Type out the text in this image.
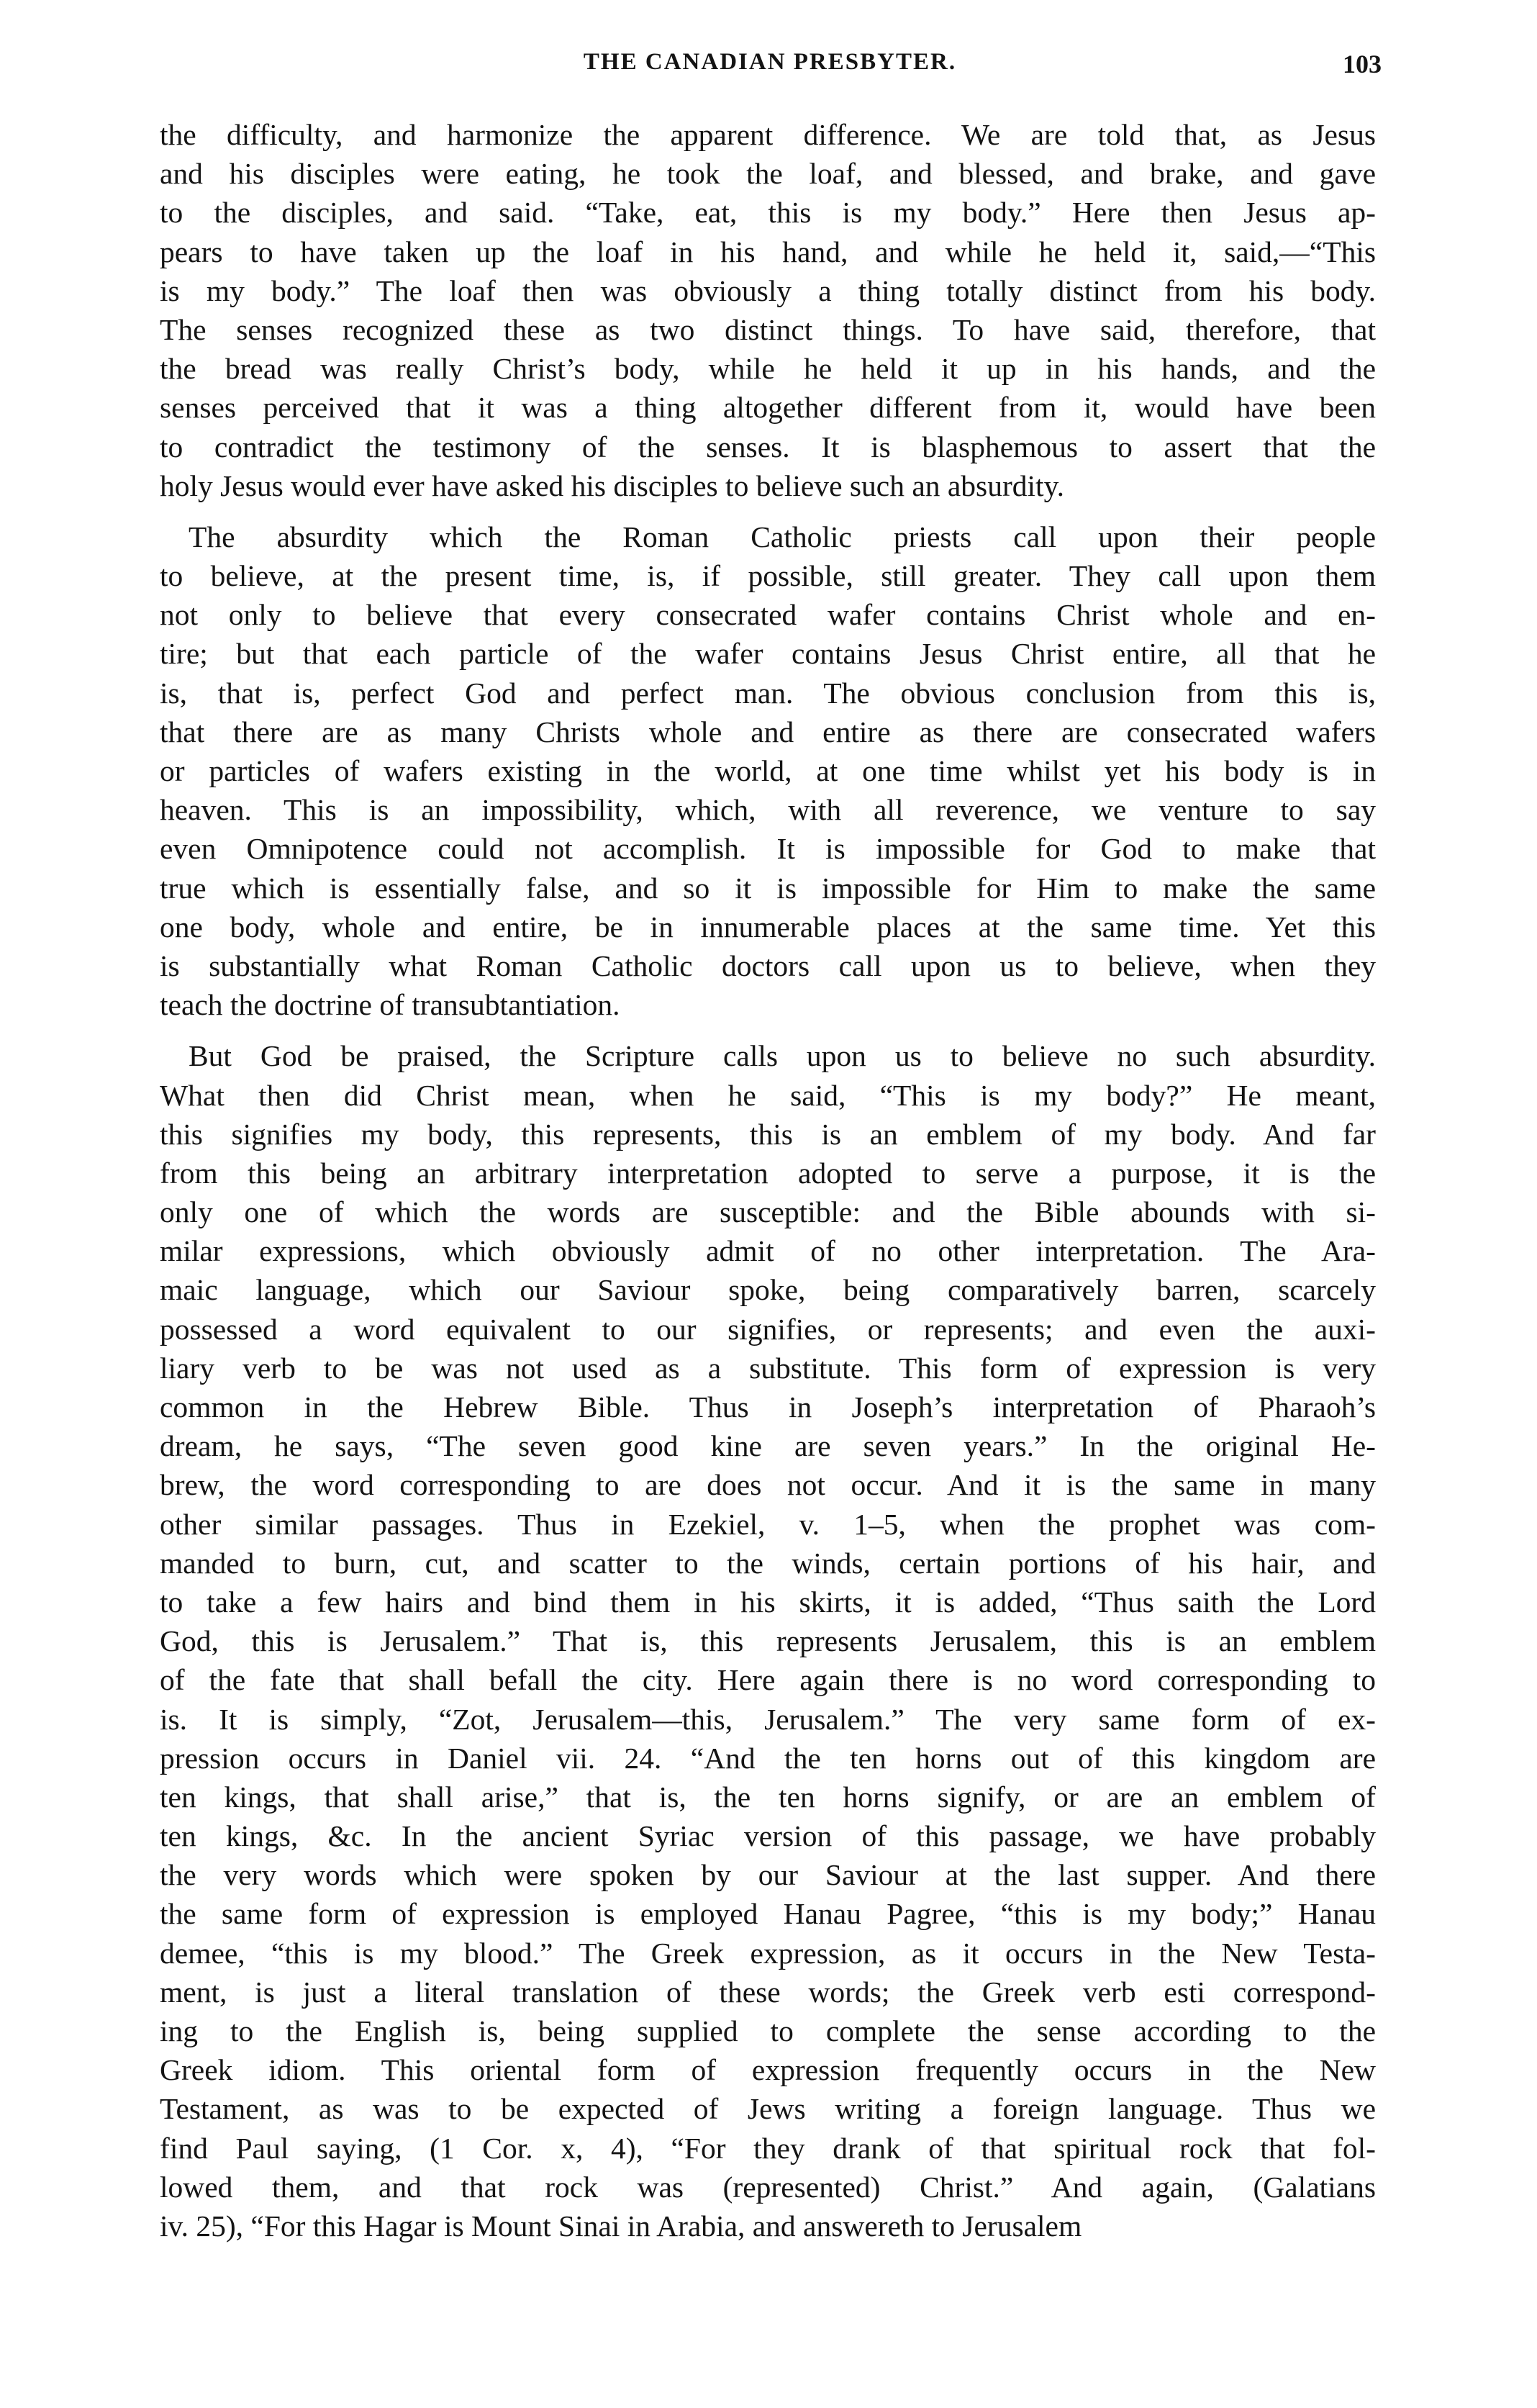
THE CANADIAN PRESBYTER.	103
the difficulty, and harmonize the apparent difference. We are told that, as Jesus
and his disciples were eating, he took the loaf, and blessed, and brake, and gave
to the disciples, and said. “Take, eat, this is my body.” Here then Jesus ap-
pears to have taken up the loaf in his hand, and while he held it, said,—“This
is my body.” The loaf then was obviously a thing totally distinct from his body.
The senses recognized these as two distinct things. To have said, therefore, that
the bread was really Christ’s body, while he held it up in his hands, and the
senses perceived that it was a thing altogether different from it, would have been
to contradict the testimony of the senses. It is blasphemous to assert that the
holy Jesus would ever have asked his disciples to believe such an absurdity.
The absurdity which the Roman Catholic priests call upon their people
to believe, at the present time, is, if possible, still greater. They call upon them
not only to believe that every consecrated wafer contains Christ whole and en-
tire; but that each particle of the wafer contains Jesus Christ entire, all that he
is, that is, perfect God and perfect man. The obvious conclusion from this is,
that there are as many Christs whole and entire as there are consecrated wafers
or particles of wafers existing in the world, at one time whilst yet his body is in
heaven. This is an impossibility, which, with all reverence, we venture to say
even Omnipotence could not accomplish. It is impossible for God to make that
true which is essentially false, and so it is impossible for Him to make the same
one body, whole and entire, be in innumerable places at the same time. Yet this
is substantially what Roman Catholic doctors call upon us to believe, when they
teach the doctrine of transubtantiation.
But God be praised, the Scripture calls upon us to believe no such absurdity.
What then did Christ mean, when he said, “This is my body?” He meant,
this signifies my body, this represents, this is an emblem of my body. And far
from this being an arbitrary interpretation adopted to serve a purpose, it is the
only one of which the words are susceptible: and the Bible abounds with si-
milar expressions, which obviously admit of no other interpretation. The Ara-
maic language, which our Saviour spoke, being comparatively barren, scarcely
possessed a word equivalent to our signifies, or represents; and even the auxi-
liary verb to be was not used as a substitute. This form of expression is very
common in the Hebrew Bible. Thus in Joseph’s interpretation of Pharaoh’s
dream, he says, “The seven good kine are seven years.” In the original He-
brew, the word corresponding to are does not occur. And it is the same in many
other similar passages. Thus in Ezekiel, v. 1–5, when the prophet was com-
manded to burn, cut, and scatter to the winds, certain portions of his hair, and
to take a few hairs and bind them in his skirts, it is added, “Thus saith the Lord
God, this is Jerusalem.” That is, this represents Jerusalem, this is an emblem
of the fate that shall befall the city. Here again there is no word corresponding to
is. It is simply, “Zot, Jerusalem—this, Jerusalem.” The very same form of ex-
pression occurs in Daniel vii. 24. “And the ten horns out of this kingdom are
ten kings, that shall arise,” that is, the ten horns signify, or are an emblem of
ten kings, &c. In the ancient Syriac version of this passage, we have probably
the very words which were spoken by our Saviour at the last supper. And there
the same form of expression is employed Hanau Pagree, “this is my body;” Hanau
demee, “this is my blood.” The Greek expression, as it occurs in the New Testa-
ment, is just a literal translation of these words; the Greek verb esti correspond-
ing to the English is, being supplied to complete the sense according to the
Greek idiom. This oriental form of expression frequently occurs in the New
Testament, as was to be expected of Jews writing a foreign language. Thus we
find Paul saying, (1 Cor. x, 4), “For they drank of that spiritual rock that fol-
lowed them, and that rock was (represented) Christ.” And again, (Galatians
iv. 25), “For this Hagar is Mount Sinai in Arabia, and answereth to Jerusalem
